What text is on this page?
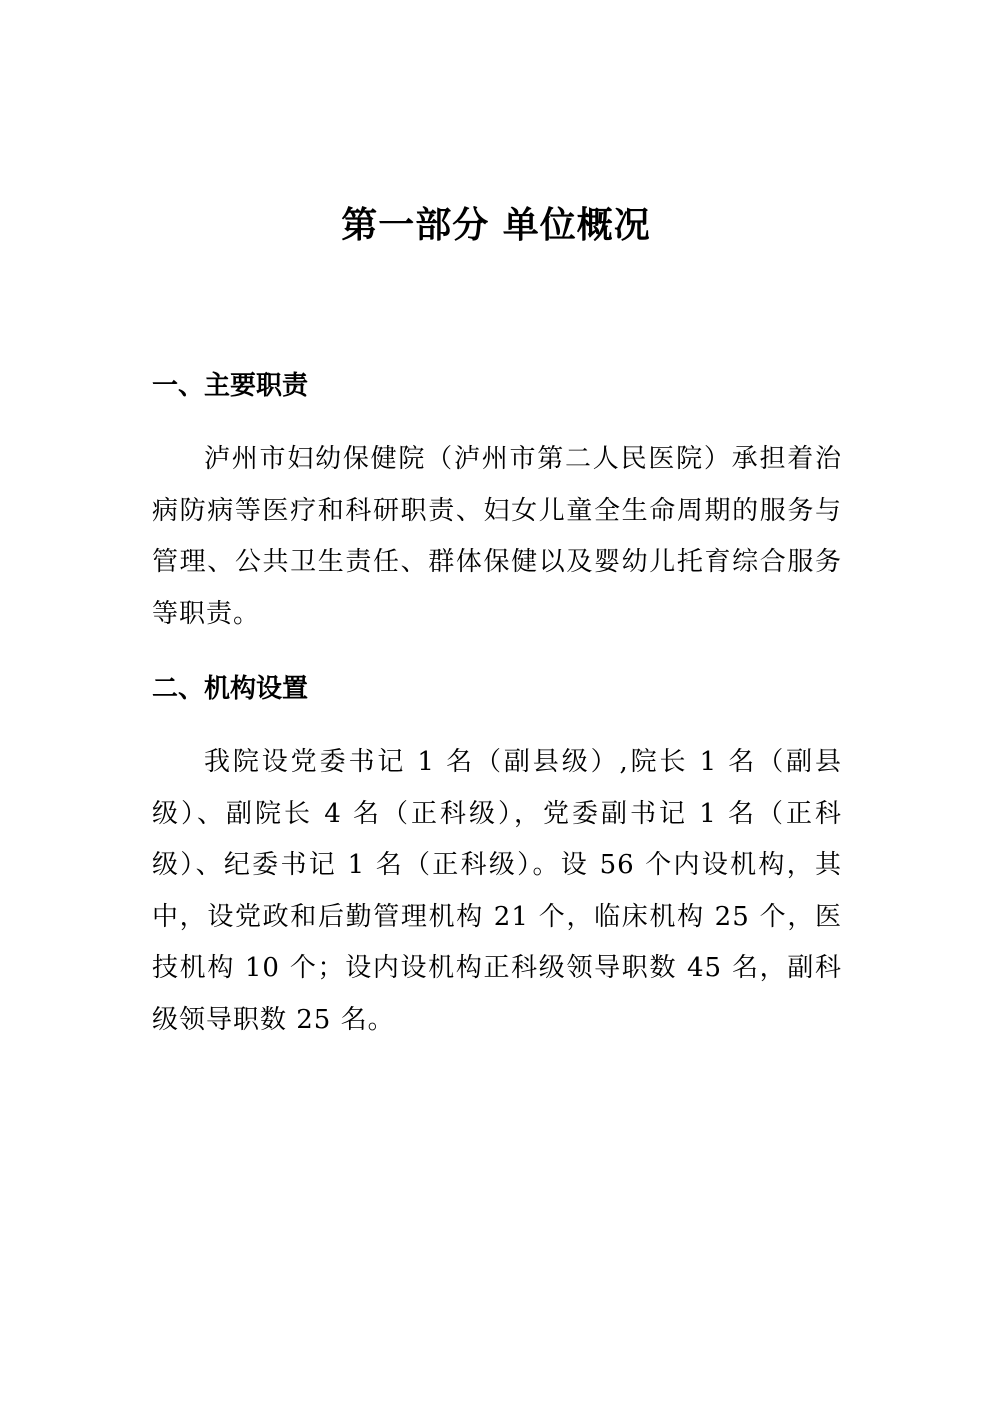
第一部分 单位概况
一、主要职责

泸州市妇幼保健院（泸州市第二人民医院）承担着治病防病等医疗和科研职责、妇女儿童全生命周期的服务与管理、公共卫生责任、群体保健以及婴幼儿托育综合服务等职责。

二、机构设置

我院设党委书记 1 名（副县级）,院长 1 名（副县级）、副院长 4 名（正科级），党委副书记 1 名（正科级）、纪委书记 1 名（正科级）。设 56 个内设机构，其中，设党政和后勤管理机构 21 个，临床机构 25 个，医技机构 10 个；设内设机构正科级领导职数 45 名，副科级领导职数 25 名。
